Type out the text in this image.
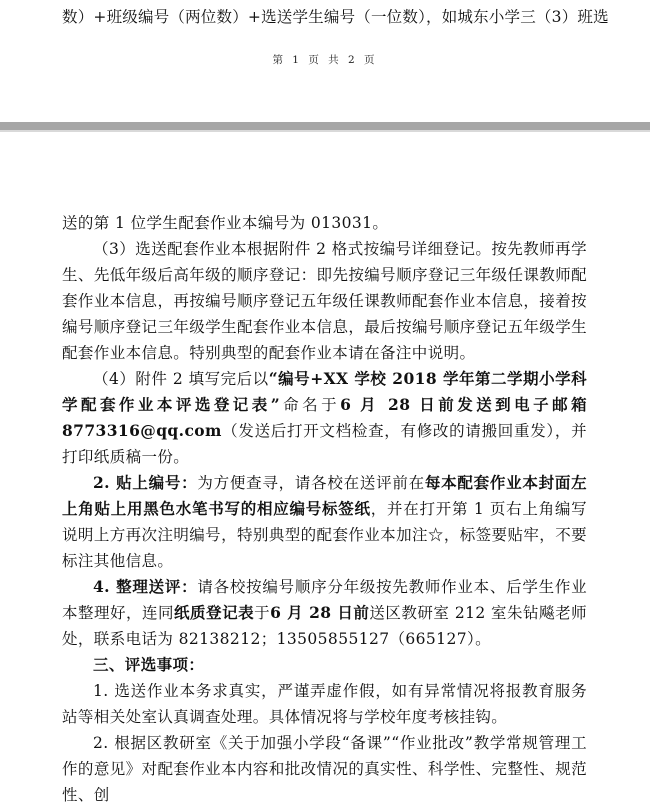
数）+班级编号（两位数）+选送学生编号（一位数），如城东小学三（3）班选
第 1 页 共 2 页

送的第 1 位学生配套作业本编号为 013031。

（3）选送配套作业本根据附件 2 格式按编号详细登记。按先教师再学生、先低年级后高年级的顺序登记：即先按编号顺序登记三年级任课教师配套作业本信息，再按编号顺序登记五年级任课教师配套作业本信息，接着按编号顺序登记三年级学生配套作业本信息，最后按编号顺序登记五年级学生配套作业本信息。特别典型的配套作业本请在备注中说明。

（4）附件 2 填写完后以“编号+XX 学校 2018 学年第二学期小学科学配套作业本评选登记表”命名于6 月 28 日前发送到电子邮箱 8773316@qq.com（发送后打开文档检查，有修改的请搬回重发），并打印纸质稿一份。

2. 贴上编号：为方便查寻，请各校在送评前在每本配套作业本封面左上角贴上用黑色水笔书写的相应编号标签纸，并在打开第 1 页右上角编写说明上方再次注明编号，特别典型的配套作业本加注☆，标签要贴牢，不要标注其他信息。

4. 整理送评：请各校按编号顺序分年级按先教师作业本、后学生作业本整理好，连同纸质登记表于6 月 28 日前送区教研室 212 室朱钻飚老师处，联系电话为 82138212；13505855127（665127）。

三、评选事项：

1. 选送作业本务求真实，严谨弄虚作假，如有异常情况将报教育服务站等相关处室认真调查处理。具体情况将与学校年度考核挂钩。

2. 根据区教研室《关于加强小学段“备课”“作业批改”教学常规管理工作的意见》对配套作业本内容和批改情况的真实性、科学性、完整性、规范性、创
